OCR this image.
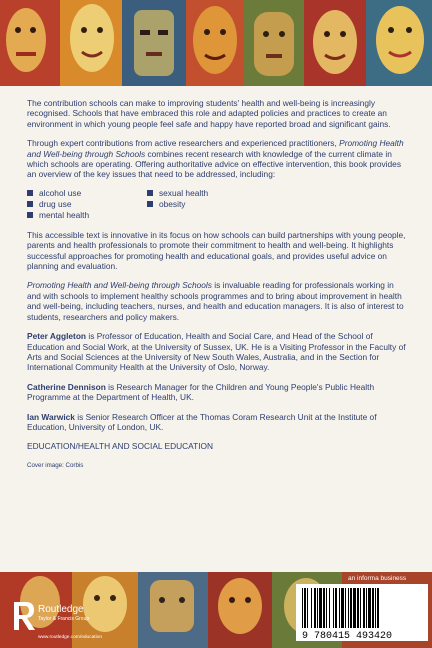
The contribution schools can make to improving students' health and well-being is increasingly recognised. Schools that have embraced this role and adapted policies and practices to create an environment in which young people feel safe and happy have reported broad and significant gains.

Through expert contributions from active researchers and experienced practitioners, Promoting Health and Well-being through Schools combines recent research with knowledge of the current climate in which schools are operating. Offering authoritative advice on effective intervention, this book provides an overview of the key issues that need to be addressed, including:

alcohol use
drug use
mental health
sexual health
obesity

This accessible text is innovative in its focus on how schools can build partnerships with young people, parents and health professionals to promote their commitment to health and well-being. It highlights successful approaches for promoting health and educational goals, and provides useful advice on planning and evaluation.

Promoting Health and Well-being through Schools is invaluable reading for professionals working in and with schools to implement healthy schools programmes and to bring about improvement in health and well-being, including teachers, nurses, and health and education managers. It is also of interest to students, researchers and policy makers.

Peter Aggleton is Professor of Education, Health and Social Care, and Head of the School of Education and Social Work, at the University of Sussex, UK. He is a Visiting Professor in the Faculty of Arts and Social Sciences at the University of New South Wales, Australia, and in the Section for International Community Health at the University of Oslo, Norway.

Catherine Dennison is Research Manager for the Children and Young People's Public Health Programme at the Department of Health, UK.

Ian Warwick is Senior Research Officer at the Thomas Coram Research Unit at the Institute of Education, University of London, UK.

EDUCATION/HEALTH AND SOCIAL EDUCATION

Cover image: Corbis

Routledge
Taylor & Francis Group
www.routledge.com/education
an informa business
9 780415 493420
